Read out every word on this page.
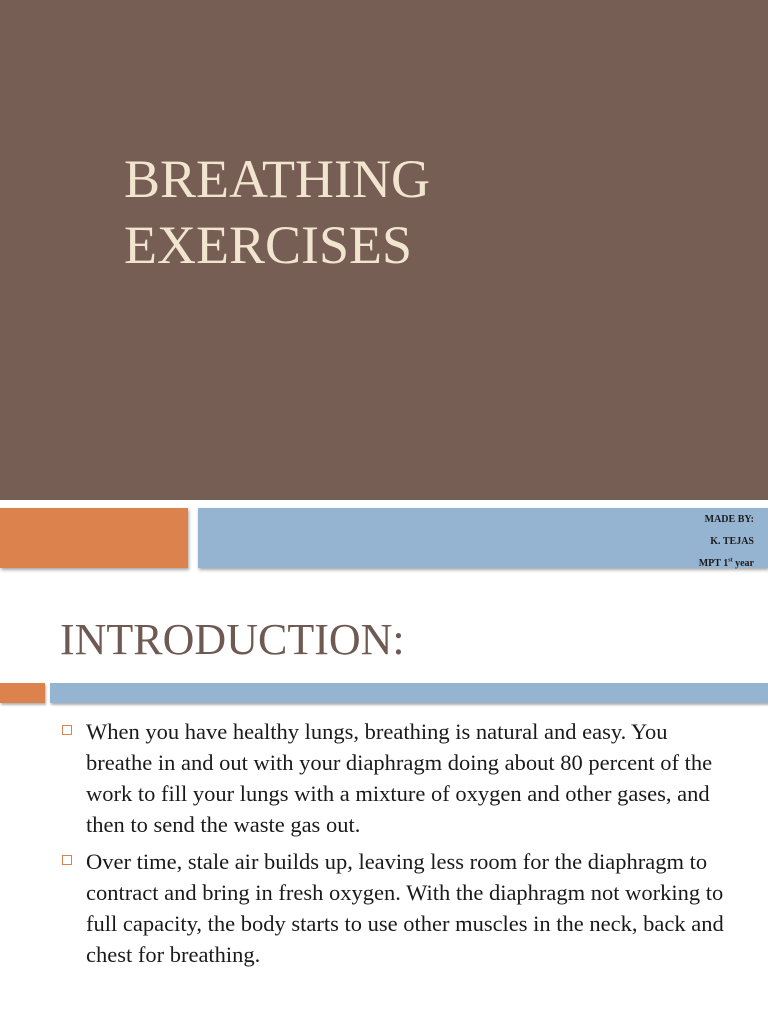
BREATHING
EXERCISES
MADE BY:
K. TEJAS
MPT 1st year
INTRODUCTION:
When you have healthy lungs, breathing is natural and easy. You breathe in and out with your diaphragm doing about 80 percent of the work to fill your lungs with a mixture of oxygen and other gases, and then to send the waste gas out.
Over time, stale air builds up, leaving less room for the diaphragm to contract and bring in fresh oxygen. With the diaphragm not working to full capacity, the body starts to use other muscles in the neck, back and chest for breathing.
